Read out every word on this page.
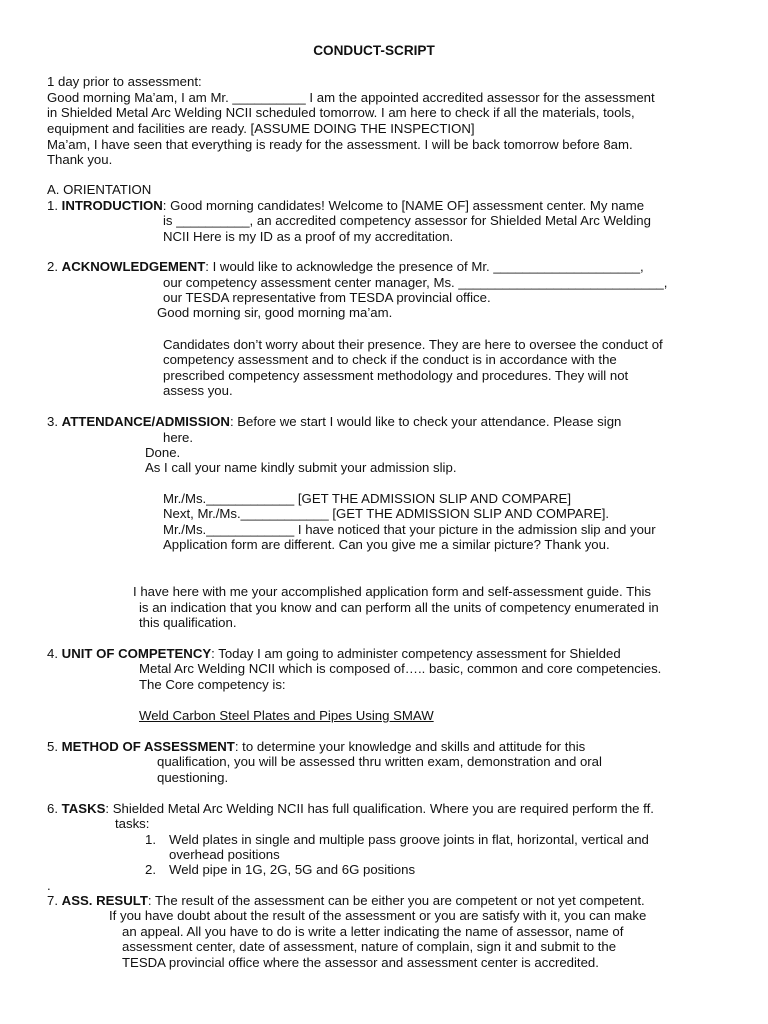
CONDUCT-SCRIPT
1 day prior to assessment:
Good morning Ma’am, I am Mr. __________ I am the appointed accredited assessor for the assessment
in Shielded Metal Arc Welding NCII scheduled tomorrow. I am here to check if all the materials, tools,
equipment and facilities are ready. [ASSUME DOING THE INSPECTION]
Ma’am, I have seen that everything is ready for the assessment. I will be back tomorrow before 8am.
Thank you.
A. ORIENTATION
1. INTRODUCTION: Good morning candidates! Welcome to [NAME OF] assessment center. My name
is __________, an accredited competency assessor for Shielded Metal Arc Welding
NCII Here is my ID as a proof of my accreditation.
2. ACKNOWLEDGEMENT: I would like to acknowledge the presence of Mr. ____________________,
our competency assessment center manager, Ms. ____________________________,
our TESDA representative from TESDA provincial office.
Good morning sir, good morning ma’am.
Candidates don’t worry about their presence. They are here to oversee the conduct of
competency assessment and to check if the conduct is in accordance with the
prescribed competency assessment methodology and procedures. They will not
assess you.
3. ATTENDANCE/ADMISSION: Before we start I would like to check your attendance. Please sign
here.
Done.
As I call your name kindly submit your admission slip.
Mr./Ms.____________ [GET THE ADMISSION SLIP AND COMPARE]
Next, Mr./Ms.____________ [GET THE ADMISSION SLIP AND COMPARE].
Mr./Ms.____________ I have noticed that your picture in the admission slip and your
Application form are different. Can you give me a similar picture? Thank you.
I have here with me your accomplished application form and self-assessment guide. This
is an indication that you know and can perform all the units of competency enumerated in
this qualification.
4. UNIT OF COMPETENCY: Today I am going to administer competency assessment for Shielded
Metal Arc Welding NCII which is composed of….. basic, common and core competencies.
The Core competency is:
Weld Carbon Steel Plates and Pipes Using SMAW
5. METHOD OF ASSESSMENT: to determine your knowledge and skills and attitude for this
qualification, you will be assessed thru written exam, demonstration and oral
questioning.
6. TASKS: Shielded Metal Arc Welding NCII has full qualification. Where you are required perform the ff.
tasks:
1. Weld plates in single and multiple pass groove joints in flat, horizontal, vertical and
overhead positions
2. Weld pipe in 1G, 2G, 5G and 6G positions
.
7. ASS. RESULT: The result of the assessment can be either you are competent or not yet competent.
If you have doubt about the result of the assessment or you are satisfy with it, you can make
an appeal. All you have to do is write a letter indicating the name of assessor, name of
assessment center, date of assessment, nature of complain, sign it and submit to the
TESDA provincial office where the assessor and assessment center is accredited.
